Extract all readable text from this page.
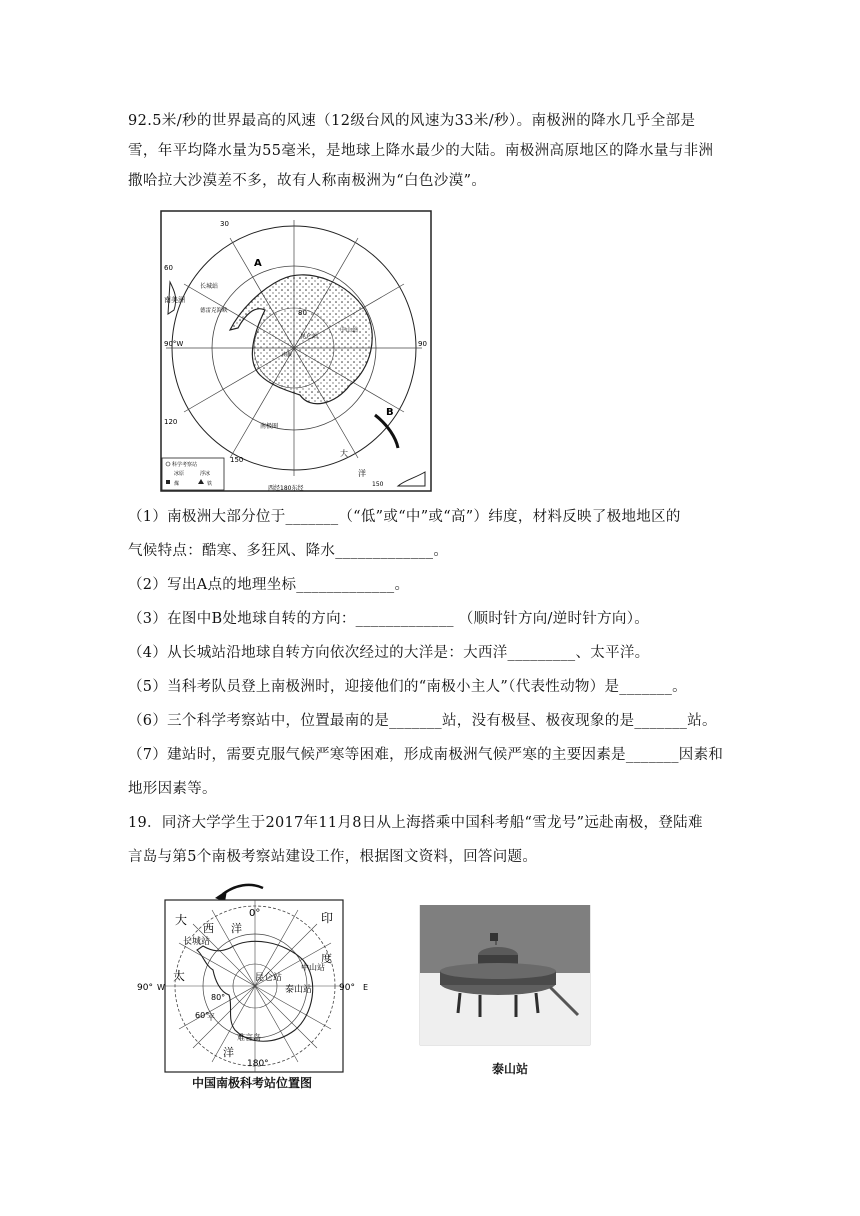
92.5米/秒的世界最高的风速（12级台风的风速为33米/秒）。南极洲的降水几乎全部是
雪，年平均降水量为55毫米，是地球上降水最少的大陆。南极洲高原地区的降水量与非洲
撒哈拉大沙漠差不多，故有人称南极洲为“白色沙漠”。
30
60
90°W	90
120
150
150
80
A
B
长城站
昆仑站
中山站
南美洲
德雷克海峡
南极
南极圈
大
洋
西经180东经
科学考察站
冰原	浮冰
煤	铁
（1）南极洲大部分位于_______（“低”或“中”或“高”）纬度，材料反映了极地地区的
气候特点：酷寒、多狂风、降水_____________。
（2）写出A点的地理坐标_____________。
（3）在图中B处地球自转的方向：_____________ （顺时针方向/逆时针方向）。
（4）从长城站沿地球自转方向依次经过的大洋是：大西洋_________、太平洋。
（5）当科考队员登上南极洲时，迎接他们的“南极小主人”（代表性动物）是_______。
（6）三个科学考察站中，位置最南的是_______站，没有极昼、极夜现象的是_______站。
（7）建站时，需要克服气候严寒等困难，形成南极洲气候严寒的主要因素是_______因素和
地形因素等。
19．同济大学学生于2017年11月8日从上海搭乘中国科考船“雪龙号”远赴南极，登陆难
言岛与第5个南极考察站建设工作，根据图文资料，回答问题。
0°
90° W	90° E
80°
60°
180°
大
西 洋
印
度
太
平
洋
长城站
昆仑站
中山站
泰山站
难言岛
中国南极科考站位置图
泰山站
